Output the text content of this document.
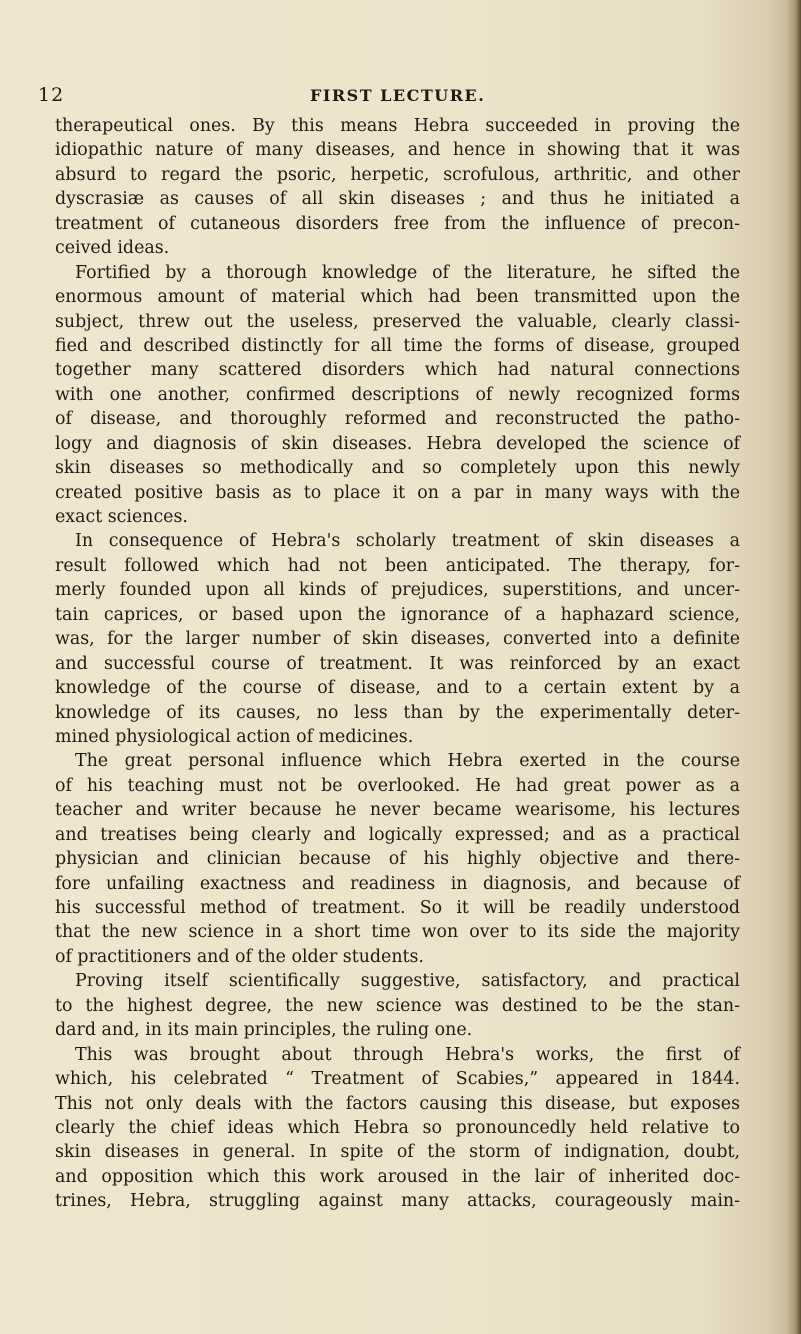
12	FIRST LECTURE.
therapeutical ones. By this means Hebra succeeded in proving the
idiopathic nature of many diseases, and hence in showing that it was
absurd to regard the psoric, herpetic, scrofulous, arthritic, and other
dyscrasiæ as causes of all skin diseases ; and thus he initiated a
treatment of cutaneous disorders free from the influence of precon-
ceived ideas.
Fortified by a thorough knowledge of the literature, he sifted the
enormous amount of material which had been transmitted upon the
subject, threw out the useless, preserved the valuable, clearly classi-
fied and described distinctly for all time the forms of disease, grouped
together many scattered disorders which had natural connections
with one another, confirmed descriptions of newly recognized forms
of disease, and thoroughly reformed and reconstructed the patho-
logy and diagnosis of skin diseases. Hebra developed the science of
skin diseases so methodically and so completely upon this newly
created positive basis as to place it on a par in many ways with the
exact sciences.
In consequence of Hebra's scholarly treatment of skin diseases a
result followed which had not been anticipated. The therapy, for-
merly founded upon all kinds of prejudices, superstitions, and uncer-
tain caprices, or based upon the ignorance of a haphazard science,
was, for the larger number of skin diseases, converted into a definite
and successful course of treatment. It was reinforced by an exact
knowledge of the course of disease, and to a certain extent by a
knowledge of its causes, no less than by the experimentally deter-
mined physiological action of medicines.
The great personal influence which Hebra exerted in the course
of his teaching must not be overlooked. He had great power as a
teacher and writer because he never became wearisome, his lectures
and treatises being clearly and logically expressed; and as a practical
physician and clinician because of his highly objective and there-
fore unfailing exactness and readiness in diagnosis, and because of
his successful method of treatment. So it will be readily understood
that the new science in a short time won over to its side the majority
of practitioners and of the older students.
Proving itself scientifically suggestive, satisfactory, and practical
to the highest degree, the new science was destined to be the stan-
dard and, in its main principles, the ruling one.
This was brought about through Hebra's works, the first of
which, his celebrated “ Treatment of Scabies,” appeared in 1844.
This not only deals with the factors causing this disease, but exposes
clearly the chief ideas which Hebra so pronouncedly held relative to
skin diseases in general. In spite of the storm of indignation, doubt,
and opposition which this work aroused in the lair of inherited doc-
trines, Hebra, struggling against many attacks, courageously main-
